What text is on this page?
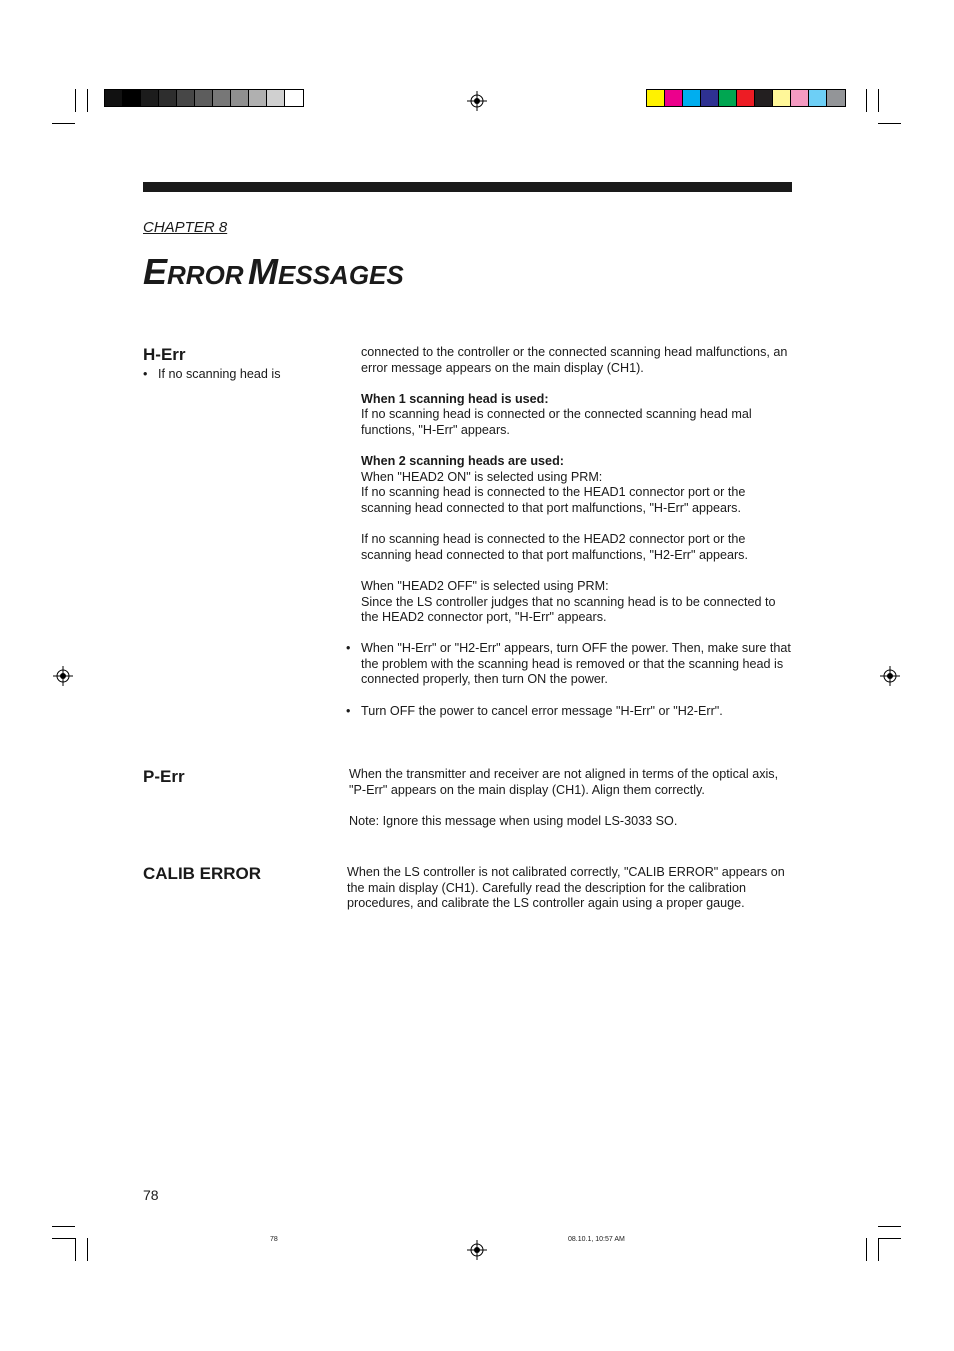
CHAPTER 8
ERROR MESSAGES
H-Err
• If no scanning head is

connected to the controller or the connected scanning head malfunctions, an error message appears on the main display (CH1).

When 1 scanning head is used:

If no scanning head is connected or the connected scanning head mal functions, "H-Err" appears.

When 2 scanning heads are used:

When "HEAD2 ON" is selected using PRM:

If no scanning head is connected to the HEAD1 connector port or the scanning head connected to that port malfunctions, "H-Err" appears.

If no scanning head is connected to the HEAD2 connector port or the scanning head connected to that port malfunctions, "H2-Err" appears.

When "HEAD2 OFF" is selected using PRM:

Since the LS controller judges that no scanning head is to be connected to the HEAD2 connector port, "H-Err" appears.

• When "H-Err" or "H2-Err" appears, turn OFF the power. Then, make sure that the problem with the scanning head is removed or that the scanning head is connected properly, then turn ON the power.

• Turn OFF the power to cancel error message "H-Err" or "H2-Err".

P-Err	When the transmitter and receiver are not aligned in terms of the optical axis, "P-Err" appears on the main display (CH1). Align them correctly.

Note: Ignore this message when using model LS-3033 SO.

CALIB ERROR	When the LS controller is not calibrated correctly, "CALIB ERROR" appears on the main display (CH1). Carefully read the description for the calibration procedures, and calibrate the LS controller again using a proper gauge.

78
78	08.10.1, 10:57 AM
